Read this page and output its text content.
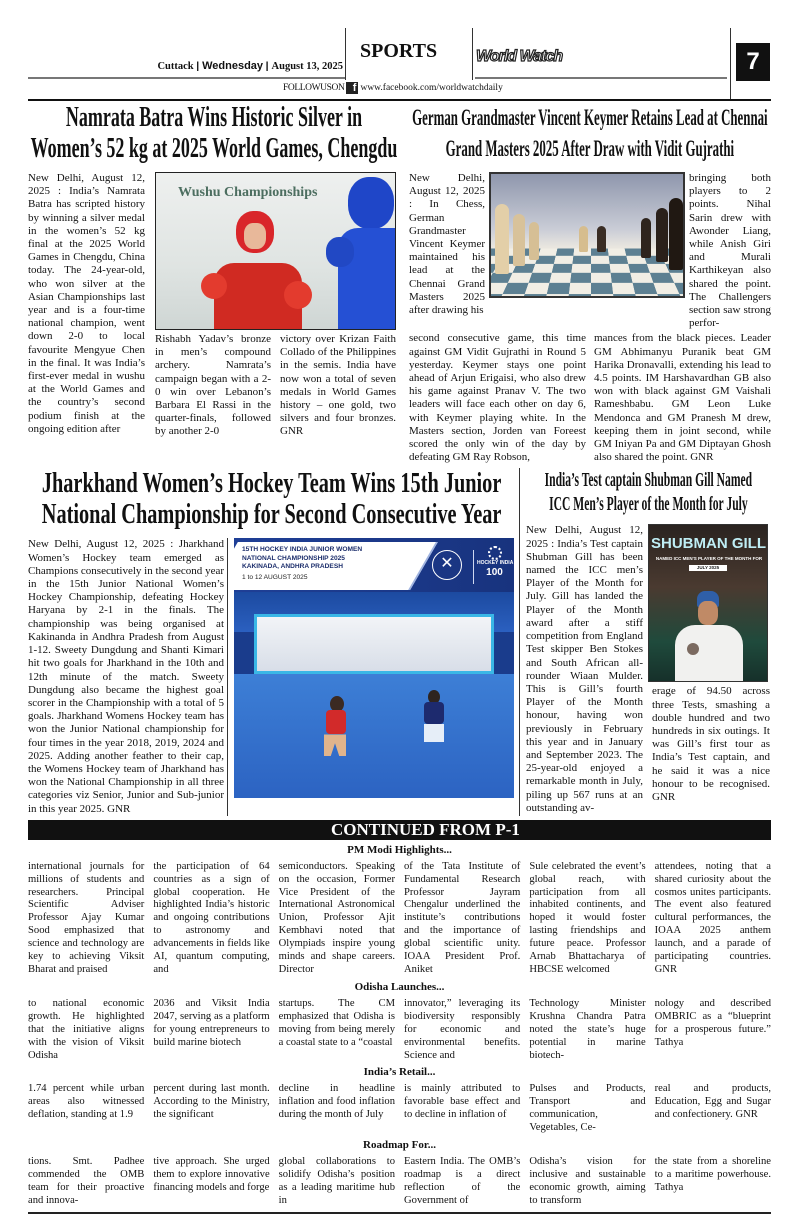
Cuttack | Wednesday | August 13, 2025
SPORTS World Watch	7
FOLLOWUSON f www.facebook.com/worldwatchdaily
Namrata Batra Wins Historic Silver in
Women’s 52 kg at 2025 World Games, Chengdu
New Delhi, August 12, 2025 : India’s Namrata Batra has scripted history by winning a silver medal in the women’s 52 kg final at the 2025 World Games in Chengdu, China today. The 24-year-old, who won silver at the Asian Championships last year and is a four-time national champion, went down 2-0 to local favourite Mengyue Chen in the final. It was India’s first-ever medal in wushu at the World Games and the country’s second podium finish at the ongoing edition after
Wushu Championships
Rishabh Yadav’s bronze in men’s compound archery. Namrata’s campaign began with a 2-0 win over Lebanon’s Barbara El Rassi in the quarter-finals, followed by another 2-0
victory over Krizan Faith Collado of the Philippines in the semis. India have now won a total of seven medals in World Games history – one gold, two silvers and four bronzes. GNR
German Grandmaster Vincent Keymer Retains Lead at Chennai
Grand Masters 2025 After Draw with Vidit Gujrathi
New Delhi, August 12, 2025 : In Chess, German Grandmaster Vincent Keymer maintained his lead at the Chennai Grand Masters 2025 after drawing his
bringing both players to 2 points. Nihal Sarin drew with Awonder Liang, while Anish Giri and Murali Karthikeyan also shared the point. The Challengers section saw strong perfor-
second consecutive game, this time against GM Vidit Gujrathi in Round 5 yesterday. Keymer stays one point ahead of Arjun Erigaisi, who also drew his game against Pranav V. The two leaders will face each other on day 6, with Keymer playing white. In the Masters section, Jorden van Foreest scored the only win of the day by defeating GM Ray Robson,
mances from the black pieces. Leader GM Abhimanyu Puranik beat GM Harika Dronavalli, extending his lead to 4.5 points. IM Harshavardhan GB also won with black against GM Vaishali Rameshbabu. GM Leon Luke Mendonca and GM Pranesh M drew, keeping them in joint second, while GM Iniyan Pa and GM Diptayan Ghosh also shared the point. GNR
Jharkhand Women’s Hockey Team Wins 15th Junior
National Championship for Second Consecutive Year
New Delhi, August 12, 2025 : Jharkhand Women’s Hockey team emerged as Champions consecutively in the second year in the 15th Junior National Women’s Hockey Championship, defeating Hockey Haryana by 2-1 in the finals. The championship was being organised at Kakinanda in Andhra Pradesh from August 1-12. Sweety Dungdung and Shanti Kimari hit two goals for Jharkhand in the 10th and 12th minute of the match. Sweety Dungdung also became the highest goal scorer in the Championship with a total of 5 goals. Jharkhand Womens Hockey team has won the Junior National championship for four times in the year 2018, 2019, 2024 and 2025. Adding another feather to their cap, the Womens Hockey team of Jharkhand has won the National Championship in all three categories viz Senior, Junior and Sub-junior in this year 2025. GNR
15TH HOCKEY INDIA JUNIOR WOMEN
NATIONAL CHAMPIONSHIP 2025
KAKINADA, ANDHRA PRADESH
1 to 12 AUGUST 2025
✕	HOCKEY INDIA
100
India’s Test captain Shubman Gill Named
ICC Men’s Player of the Month for July
New Delhi, August 12, 2025 : India’s Test captain Shubman Gill has been named the ICC men’s Player of the Month for July. Gill has landed the Player of the Month award after a stiff competition from England Test skipper Ben Stokes and South African all-rounder Wiaan Mulder. This is Gill’s fourth Player of the Month honour, having won previously in February this year and in January and September 2023. The 25-year-old enjoyed a remarkable month in July, piling up 567 runs at an outstanding av-
SHUBMAN GILL
NAMED ICC MEN'S PLAYER OF THE MONTH FOR
JULY 2025
erage of 94.50 across three Tests, smashing a double hundred and two hundreds in six outings. It was Gill’s first tour as India’s Test captain, and he said it was a nice honour to be recognised. GNR
CONTINUED FROM P-1
PM Modi Highlights...
international journals for millions of students and researchers. Principal Scientific Adviser Professor Ajay Kumar Sood emphasized that science and technology are key to achieving Viksit Bharat and praised
the participation of 64 countries as a sign of global cooperation. He highlighted India’s historic and ongoing contributions to astronomy and advancements in fields like AI, quantum computing, and
semiconductors. Speaking on the occasion, Former Vice President of the International Astronomical Union, Professor Ajit Kembhavi noted that Olympiads inspire young minds and shape careers. Director
of the Tata Institute of Fundamental Research Professor Jayram Chengalur underlined the institute’s contributions and the importance of global scientific unity. IOAA President Prof. Aniket
Sule celebrated the event’s global reach, with participation from all inhabited continents, and hoped it would foster lasting friendships and future peace. Professor Arnab Bhattacharya of HBCSE welcomed
attendees, noting that a shared curiosity about the cosmos unites participants. The event also featured cultural performances, the IOAA 2025 anthem launch, and a parade of participating countries. GNR
Odisha Launches...
to national economic growth. He highlighted that the initiative aligns with the vision of Viksit Odisha
2036 and Viksit India 2047, serving as a platform for young entrepreneurs to build marine biotech
startups. The CM emphasized that Odisha is moving from being merely a coastal state to a “coastal
innovator,” leveraging its biodiversity responsibly for economic and environmental benefits. Science and
Technology Minister Krushna Chandra Patra noted the state’s huge potential in marine biotech-
nology and described OMBRIC as a “blueprint for a prosperous future.” Tathya
India’s Retail...
1.74 percent while urban areas also witnessed deflation, standing at 1.9
percent during last month. According to the Ministry, the significant
decline in headline inflation and food inflation during the month of July
is mainly attributed to favorable base effect and to decline in inflation of
Pulses and Products, Transport and communication, Vegetables, Ce-
real and products, Education, Egg and Sugar and confectionery. GNR
Roadmap For...
tions. Smt. Padhee commended the OMB team for their proactive and innova-
tive approach. She urged them to explore innovative financing models and forge
global collaborations to solidify Odisha’s position as a leading maritime hub in
Eastern India. The OMB’s roadmap is a direct reflection of the Government of
Odisha’s vision for inclusive and sustainable economic growth, aiming to transform
the state from a shoreline to a maritime powerhouse. Tathya
